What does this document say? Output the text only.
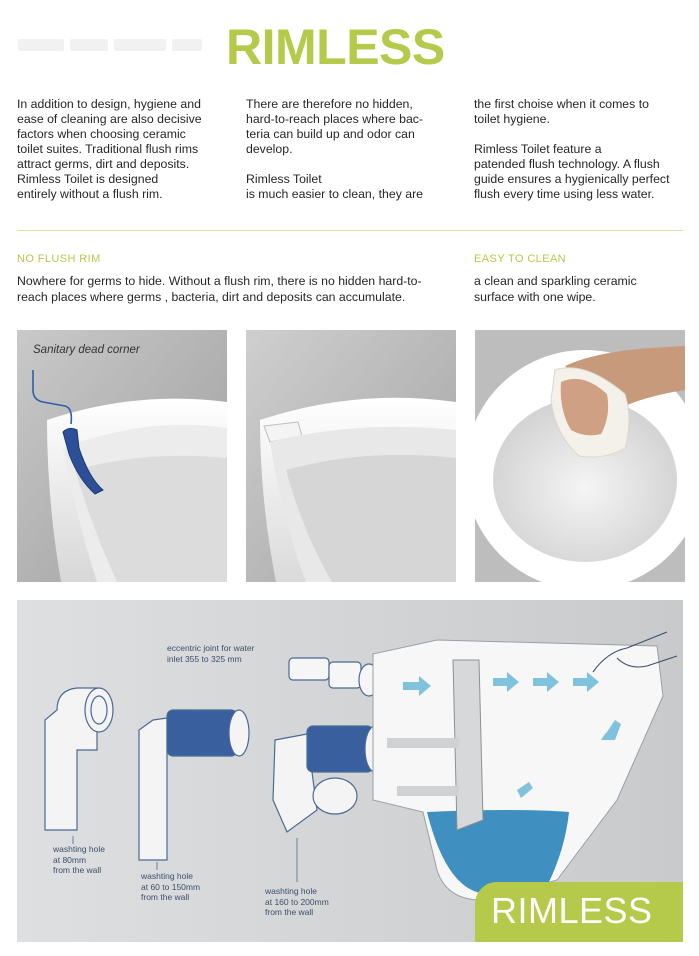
RIMLESS

In addition to design, hygiene and
ease of cleaning are also decisive
factors when choosing ceramic
toilet suites. Traditional flush rims
attract germs, dirt and deposits.
Rimless Toilet is designed
entirely without a flush rim.

There are therefore no hidden,
hard-to-reach places where bac-
teria can build up and odor can
develop.

Rimless Toilet
is much easier to clean, they are

the first choise when it comes to
toilet hygiene.

Rimless Toilet feature a
patended flush technology. A flush
guide ensures a hygienically perfect
flush every time using less water.

NO FLUSH RIM
Nowhere for germs to hide. Without a flush rim, there is no hidden hard-to-
reach places where germs , bacteria, dirt and deposits can accumulate.
EASY TO CLEAN
a clean and sparkling ceramic
surface with one wipe.
Sanitary dead corner
eccentric joint for water
inlet 355 to 325 mm
washting hole
at 80mm
from the wall
washting hole
at 60 to 150mm
from the wall
washting hole
at 160 to 200mm
from the wall	RIMLESS
